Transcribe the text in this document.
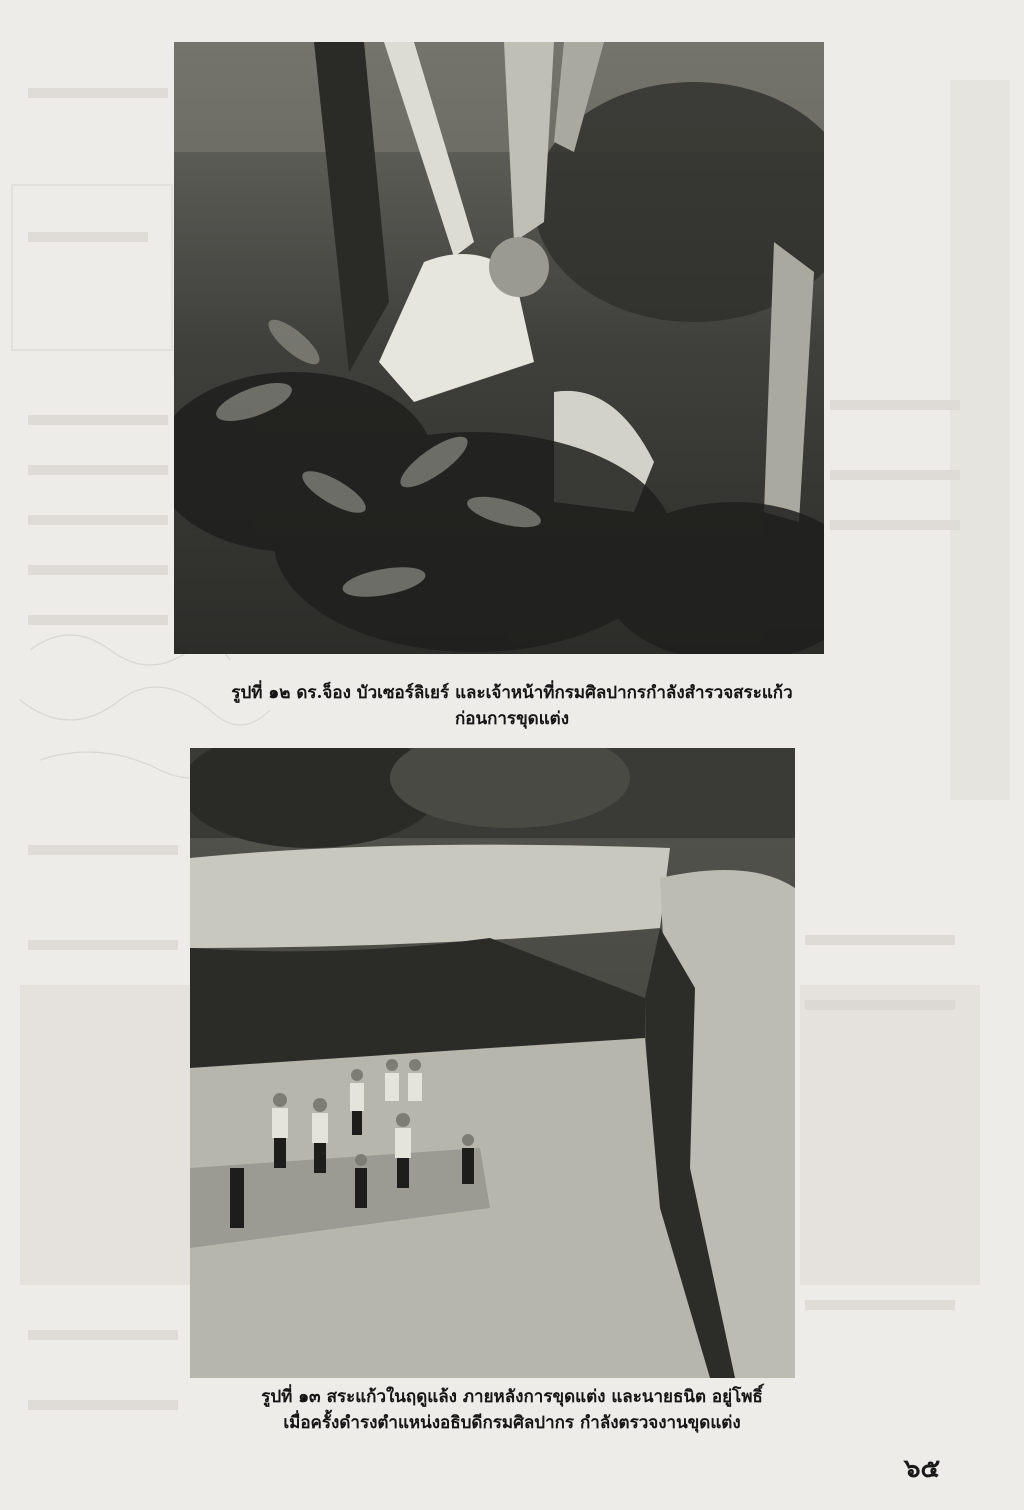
รูปที่ ๑๒ ดร.จ็อง บัวเซอร์ลิเยร์ และเจ้าหน้าที่กรมศิลปากรกำลังสำรวจสระแก้ว
ก่อนการขุดแต่ง
รูปที่ ๑๓ สระแก้วในฤดูแล้ง ภายหลังการขุดแต่ง และนายธนิต อยู่โพธิ์
เมื่อครั้งดำรงตำแหน่งอธิบดีกรมศิลปากร กำลังตรวจงานขุดแต่ง
๖๕
